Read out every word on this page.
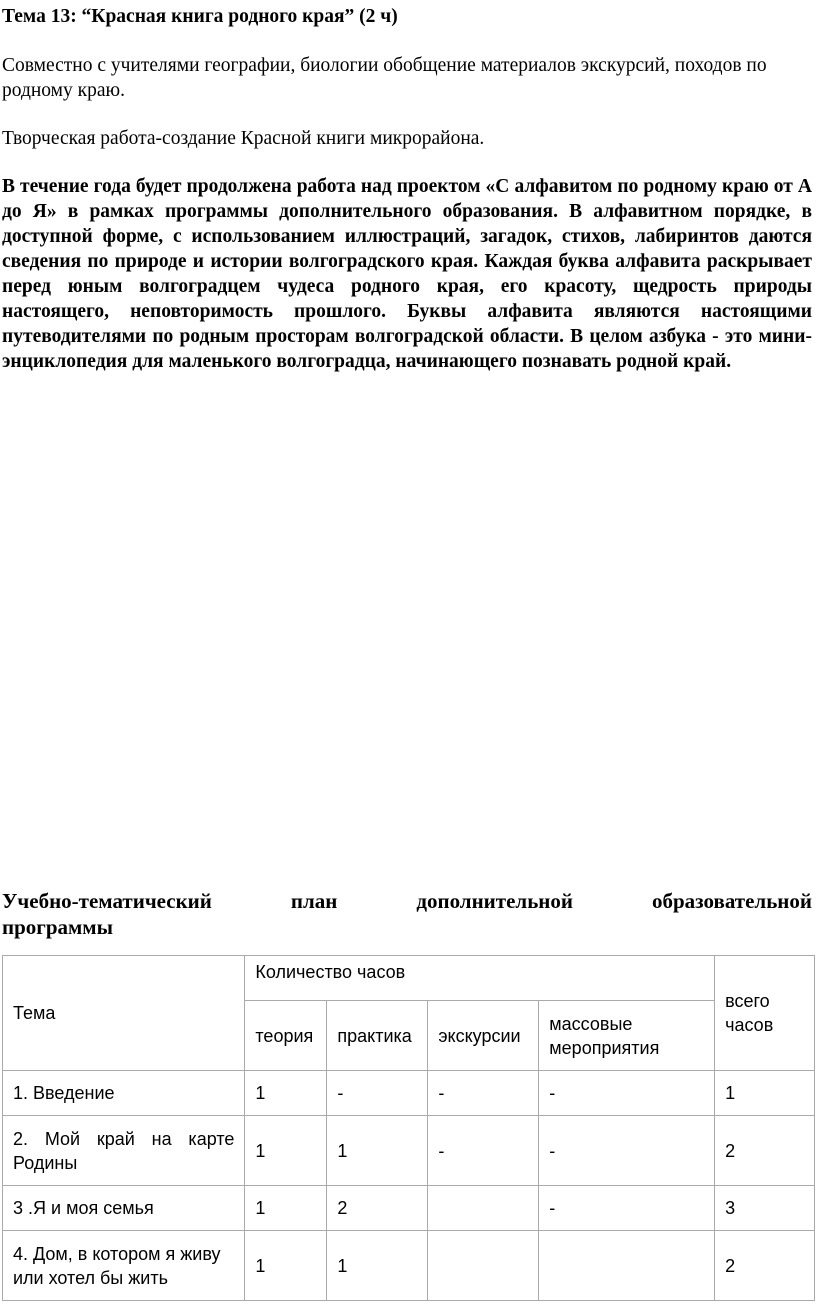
Тема 13: “Красная книга родного края” (2 ч)
Совместно с учителями географии, биологии обобщение материалов экскурсий, походов по родному краю.
Творческая работа-создание Красной книги микрорайона.
В течение года будет продолжена работа над проектом «С алфавитом по родному краю от А до Я» в рамках программы дополнительного образования. В алфавитном порядке, в доступной форме, с использованием иллюстраций, загадок, стихов, лабиринтов даются сведения по природе и истории волгоградского края. Каждая буква алфавита раскрывает перед юным волгоградцем чудеса родного края, его красоту, щедрость природы настоящего, неповторимость прошлого. Буквы алфавита являются настоящими путеводителями по родным просторам волгоградской области. В целом азбука - это мини-энциклопедия для маленького волгоградца, начинающего познавать родной край.
Учебно-тематический план дополнительной образовательной
программы
Тема	Количество часов				всего часов
	теория	практика	экскурсии	массовые мероприятия	
1. Введение	1	-	-	-	1
2. Мой край на карте Родины	1	1	-	-	2
3 .Я и моя семья	1	2		-	3
4. Дом, в котором я живу или хотел бы жить	1	1			2
